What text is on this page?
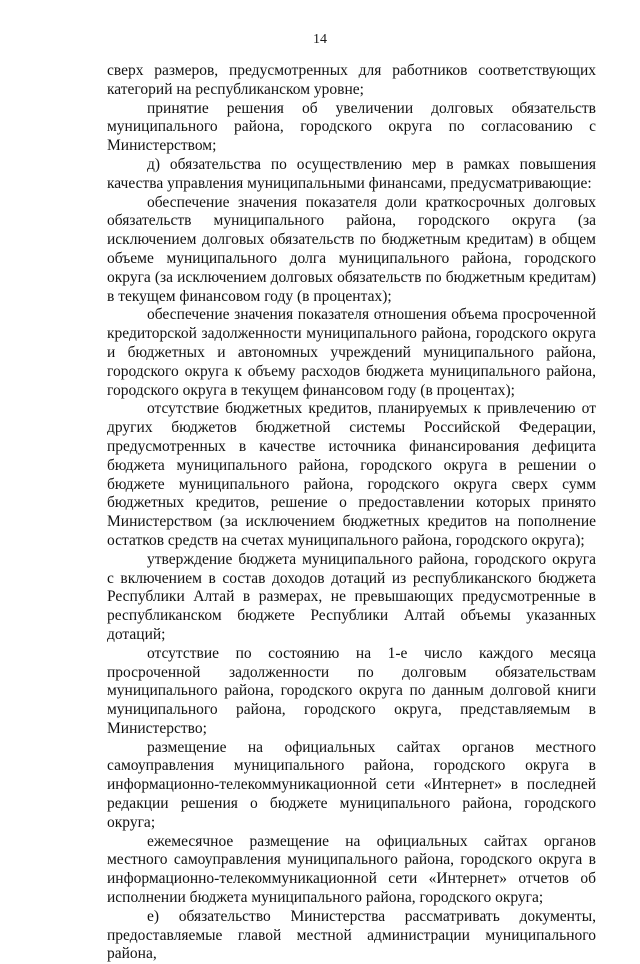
14

сверх размеров, предусмотренных для работников соответствующих категорий на республиканском уровне;

принятие решения об увеличении долговых обязательств муниципального района, городского округа по согласованию с Министерством;

д) обязательства по осуществлению мер в рамках повышения качества управления муниципальными финансами, предусматривающие:

обеспечение значения показателя доли краткосрочных долговых обязательств муниципального района, городского округа (за исключением долговых обязательств по бюджетным кредитам) в общем объеме муниципального долга муниципального района, городского округа (за исключением долговых обязательств по бюджетным кредитам) в текущем финансовом году (в процентах);

обеспечение значения показателя отношения объема просроченной кредиторской задолженности муниципального района, городского округа и бюджетных и автономных учреждений муниципального района, городского округа к объему расходов бюджета муниципального района, городского округа в текущем финансовом году (в процентах);

отсутствие бюджетных кредитов, планируемых к привлечению от других бюджетов бюджетной системы Российской Федерации, предусмотренных в качестве источника финансирования дефицита бюджета муниципального района, городского округа в решении о бюджете муниципального района, городского округа сверх сумм бюджетных кредитов, решение о предоставлении которых принято Министерством (за исключением бюджетных кредитов на пополнение остатков средств на счетах муниципального района, городского округа);

утверждение бюджета муниципального района, городского округа с включением в состав доходов дотаций из республиканского бюджета Республики Алтай в размерах, не превышающих предусмотренные в республиканском бюджете Республики Алтай объемы указанных дотаций;

отсутствие по состоянию на 1-е число каждого месяца просроченной задолженности по долговым обязательствам муниципального района, городского округа по данным долговой книги муниципального района, городского округа, представляемым в Министерство;

размещение на официальных сайтах органов местного самоуправления муниципального района, городского округа в информационно-телекоммуникационной сети «Интернет» в последней редакции решения о бюджете муниципального района, городского округа;

ежемесячное размещение на официальных сайтах органов местного самоуправления муниципального района, городского округа в информационно-телекоммуникационной сети «Интернет» отчетов об исполнении бюджета муниципального района, городского округа;

е) обязательство Министерства рассматривать документы, предоставляемые главой местной администрации муниципального района,
